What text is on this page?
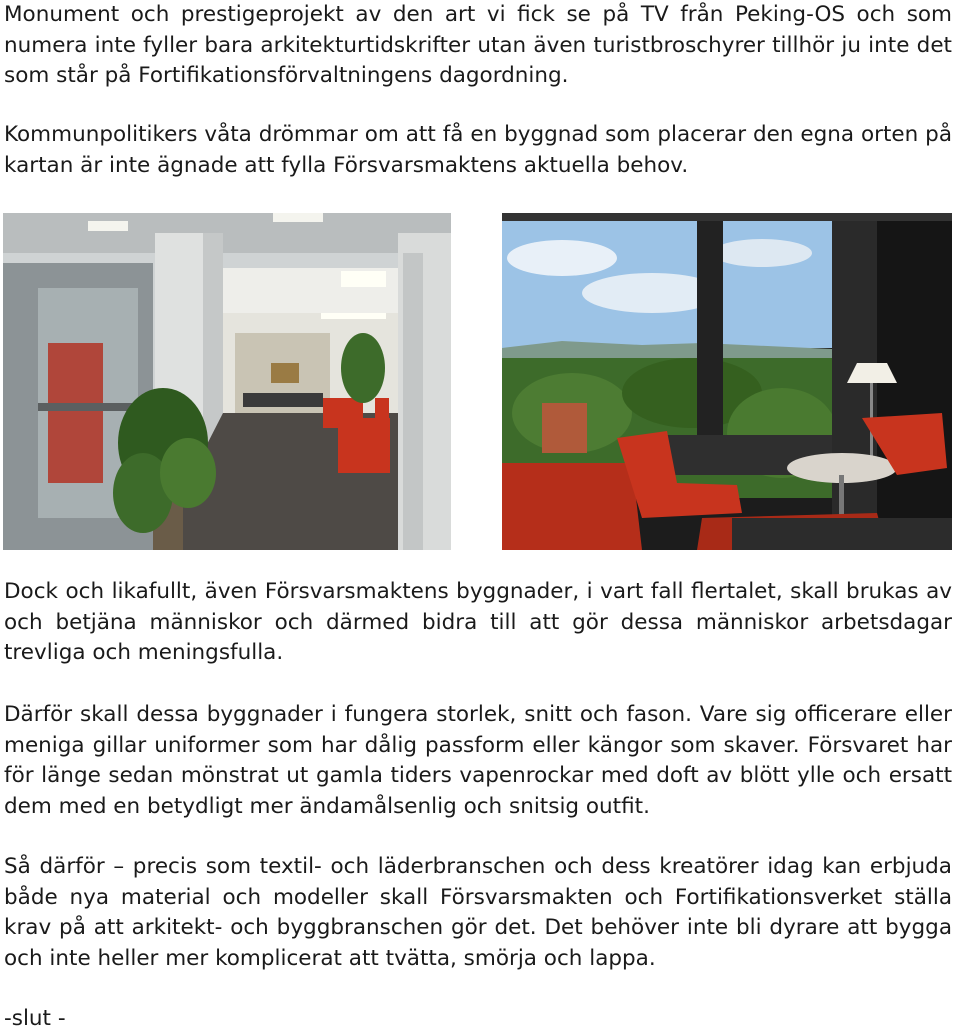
Monument och prestigeprojekt av den art vi fick se på TV från Peking-OS och som numera inte fyller bara arkitekturtidskrifter utan även turistbroschyrer tillhör ju inte det som står på Fortifikationsförvaltningens dagordning.

Kommunpolitikers våta drömmar om att få en byggnad som placerar den egna orten på kartan är inte ägnade att fylla Försvarsmaktens aktuella behov.

Dock och likafullt, även Försvarsmaktens byggnader, i vart fall flertalet, skall brukas av och betjäna människor och därmed bidra till att gör dessa människor arbetsdagar trevliga och meningsfulla.

Därför skall dessa byggnader i fungera storlek, snitt och fason. Vare sig officerare eller meniga gillar uniformer som har dålig passform eller kängor som skaver. Försvaret har för länge sedan mönstrat ut gamla tiders vapenrockar med doft av blött ylle och ersatt dem med en betydligt mer ändamålsenlig och snitsig outfit.

Så därför – precis som textil- och läderbranschen och dess kreatörer idag kan erbjuda både nya material och modeller skall Försvarsmakten och Fortifikationsverket ställa krav på att arkitekt- och byggbranschen gör det. Det behöver inte bli dyrare att bygga och inte heller mer komplicerat att tvätta, smörja och lappa.

-slut -
